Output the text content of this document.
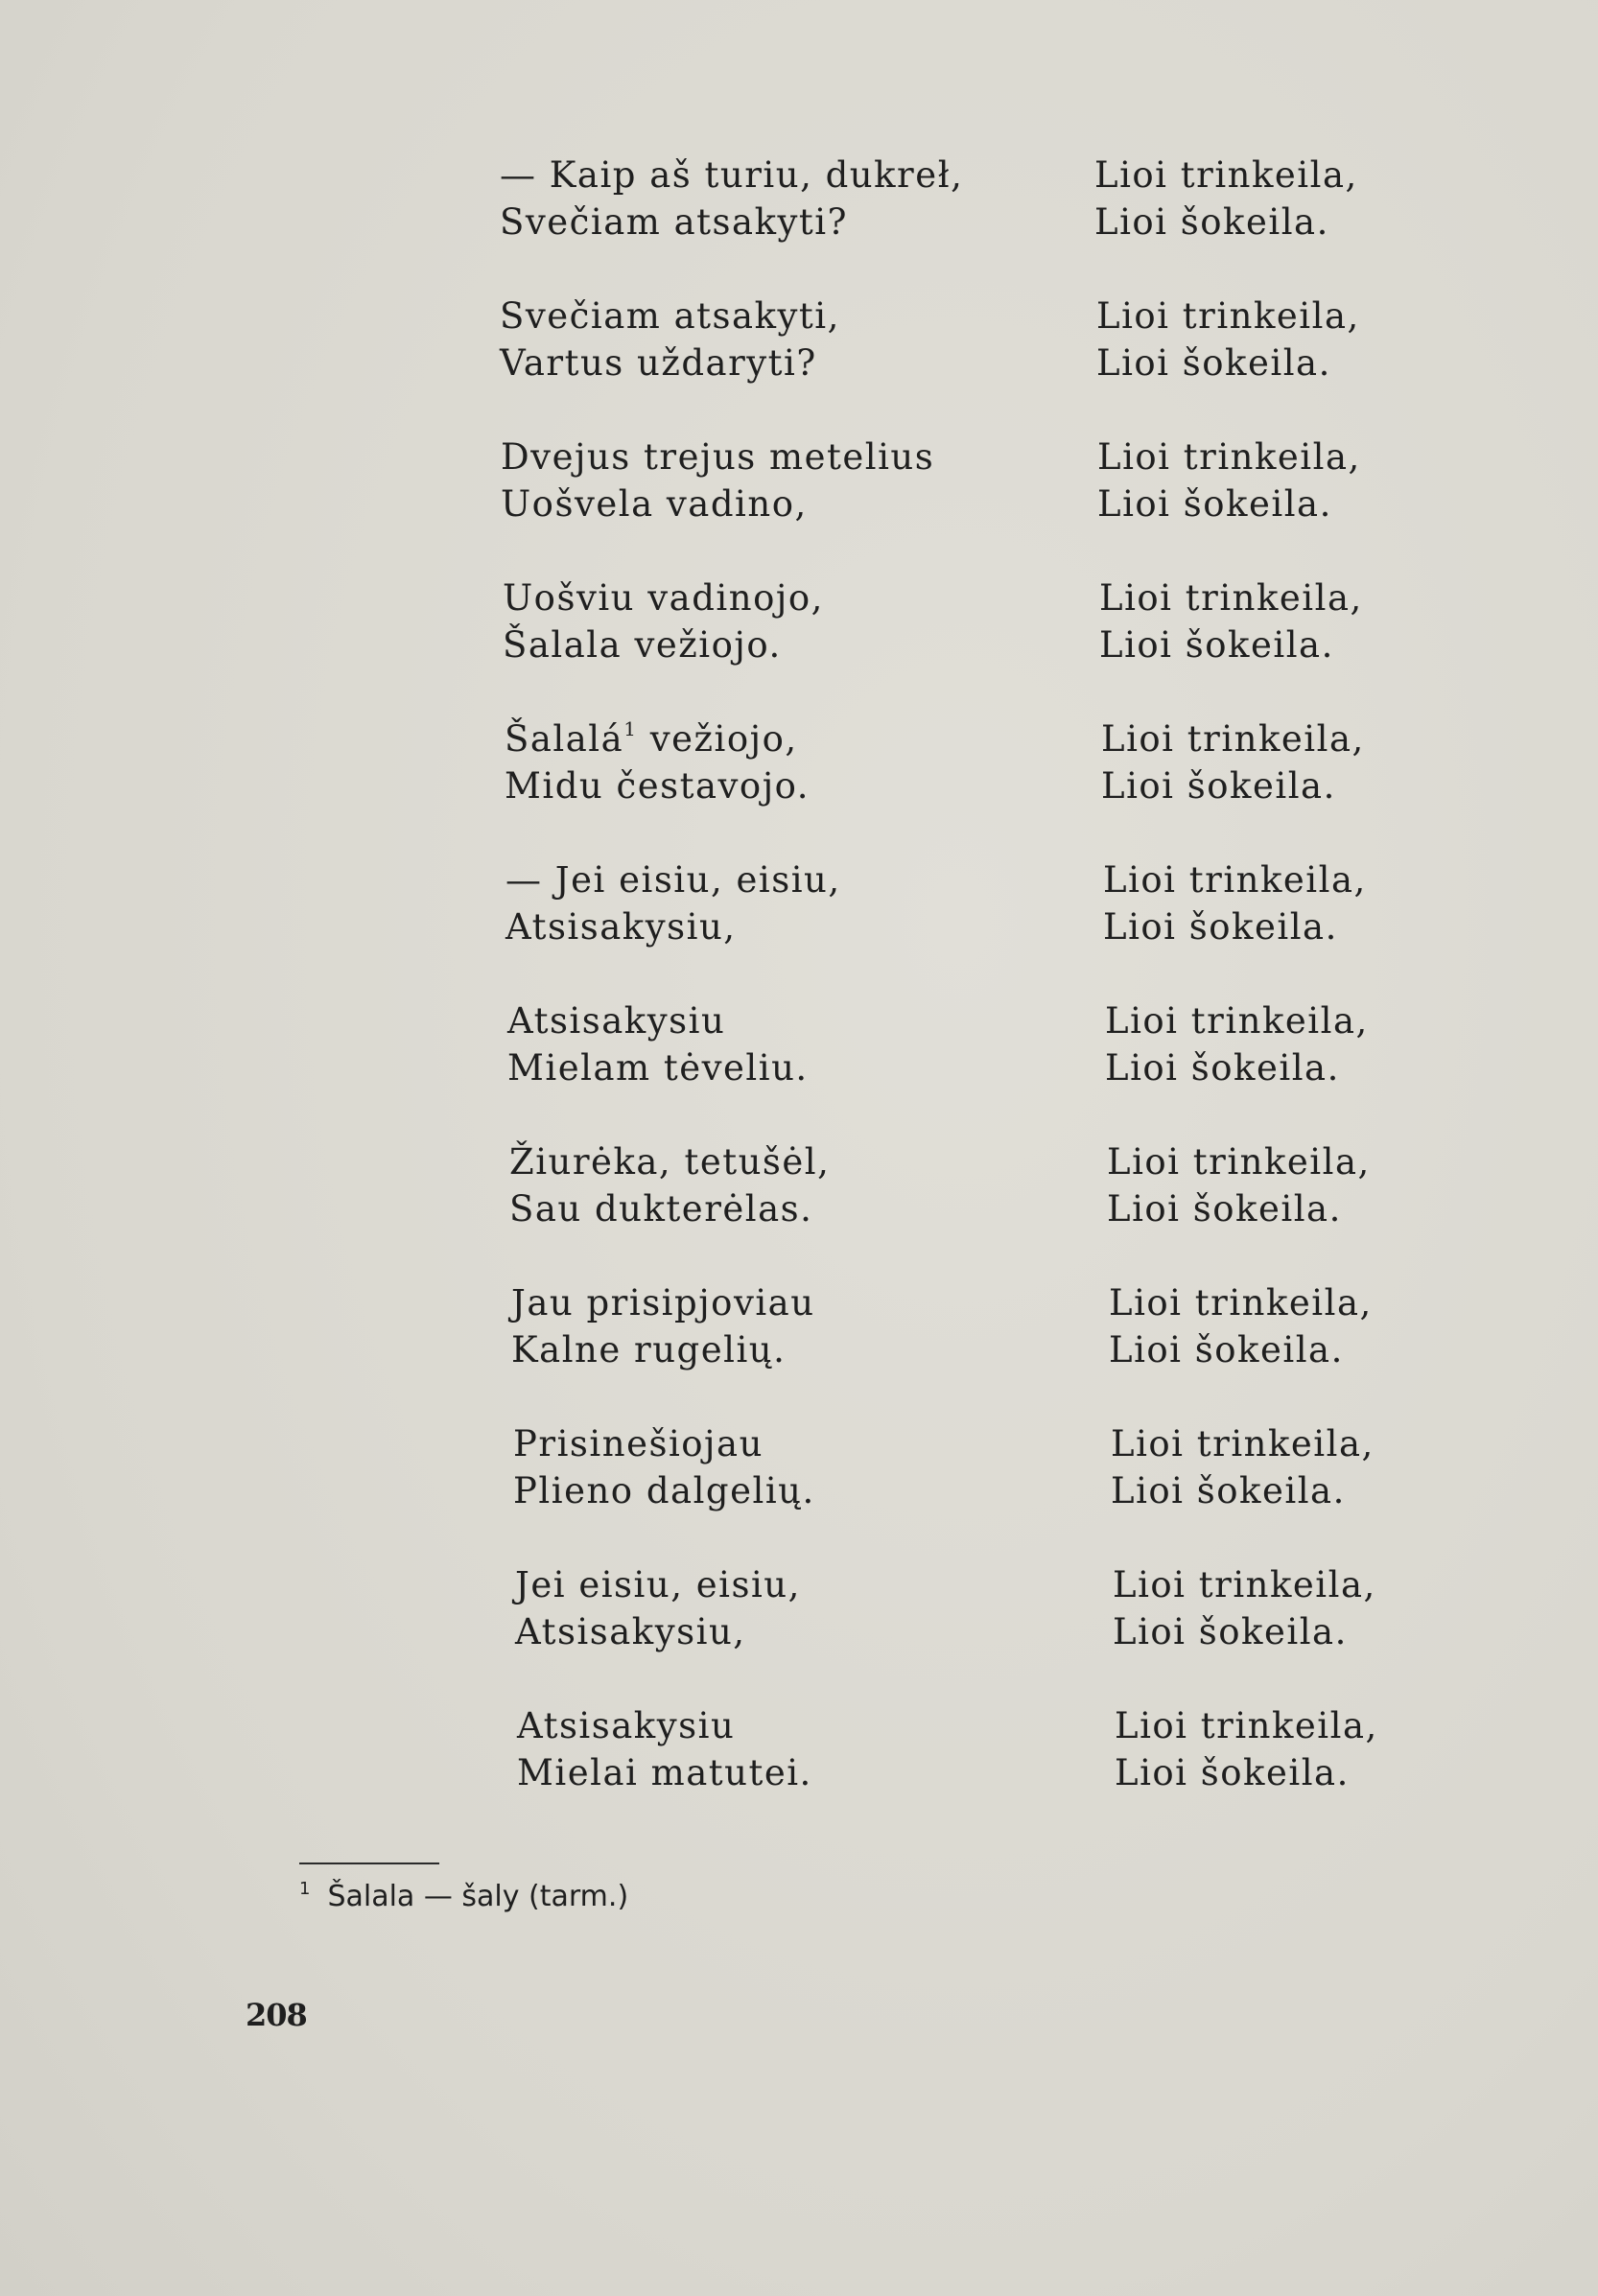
— Kaip aš turiu, dukreł,
Svečiam atsakyti?
Lioi trinkeila,
Lioi šokeila.
Svečiam atsakyti,
Vartus uždaryti?
Lioi trinkeila,
Lioi šokeila.
Dvejus trejus metelius
Uošvela vadino,
Lioi trinkeila,
Lioi šokeila.
Uošviu vadinojo,
Šalala vežiojo.
Lioi trinkeila,
Lioi šokeila.
Šalalá$^1$ vežiojo,
Midu čestavojo.
Lioi trinkeila,
Lioi šokeila.
— Jei eisiu, eisiu,
Atsisakysiu,
Lioi trinkeila,
Lioi šokeila.
Atsisakysiu
Mielam tėveliu.
Lioi trinkeila,
Lioi šokeila.
Žiurėka, tetušėl,
Sau dukterėlas.
Lioi trinkeila,
Lioi šokeila.
Jau prisipjoviau
Kalne rugelių.
Lioi trinkeila,
Lioi šokeila.
Prisinešiojau
Plieno dalgelių.
Lioi trinkeila,
Lioi šokeila.
Jei eisiu, eisiu,
Atsisakysiu,
Lioi trinkeila,
Lioi šokeila.
Atsisakysiu
Mielai matutei.
Lioi trinkeila,
Lioi šokeila.
$^1$ Šalala — šaly (tarm.)
208
